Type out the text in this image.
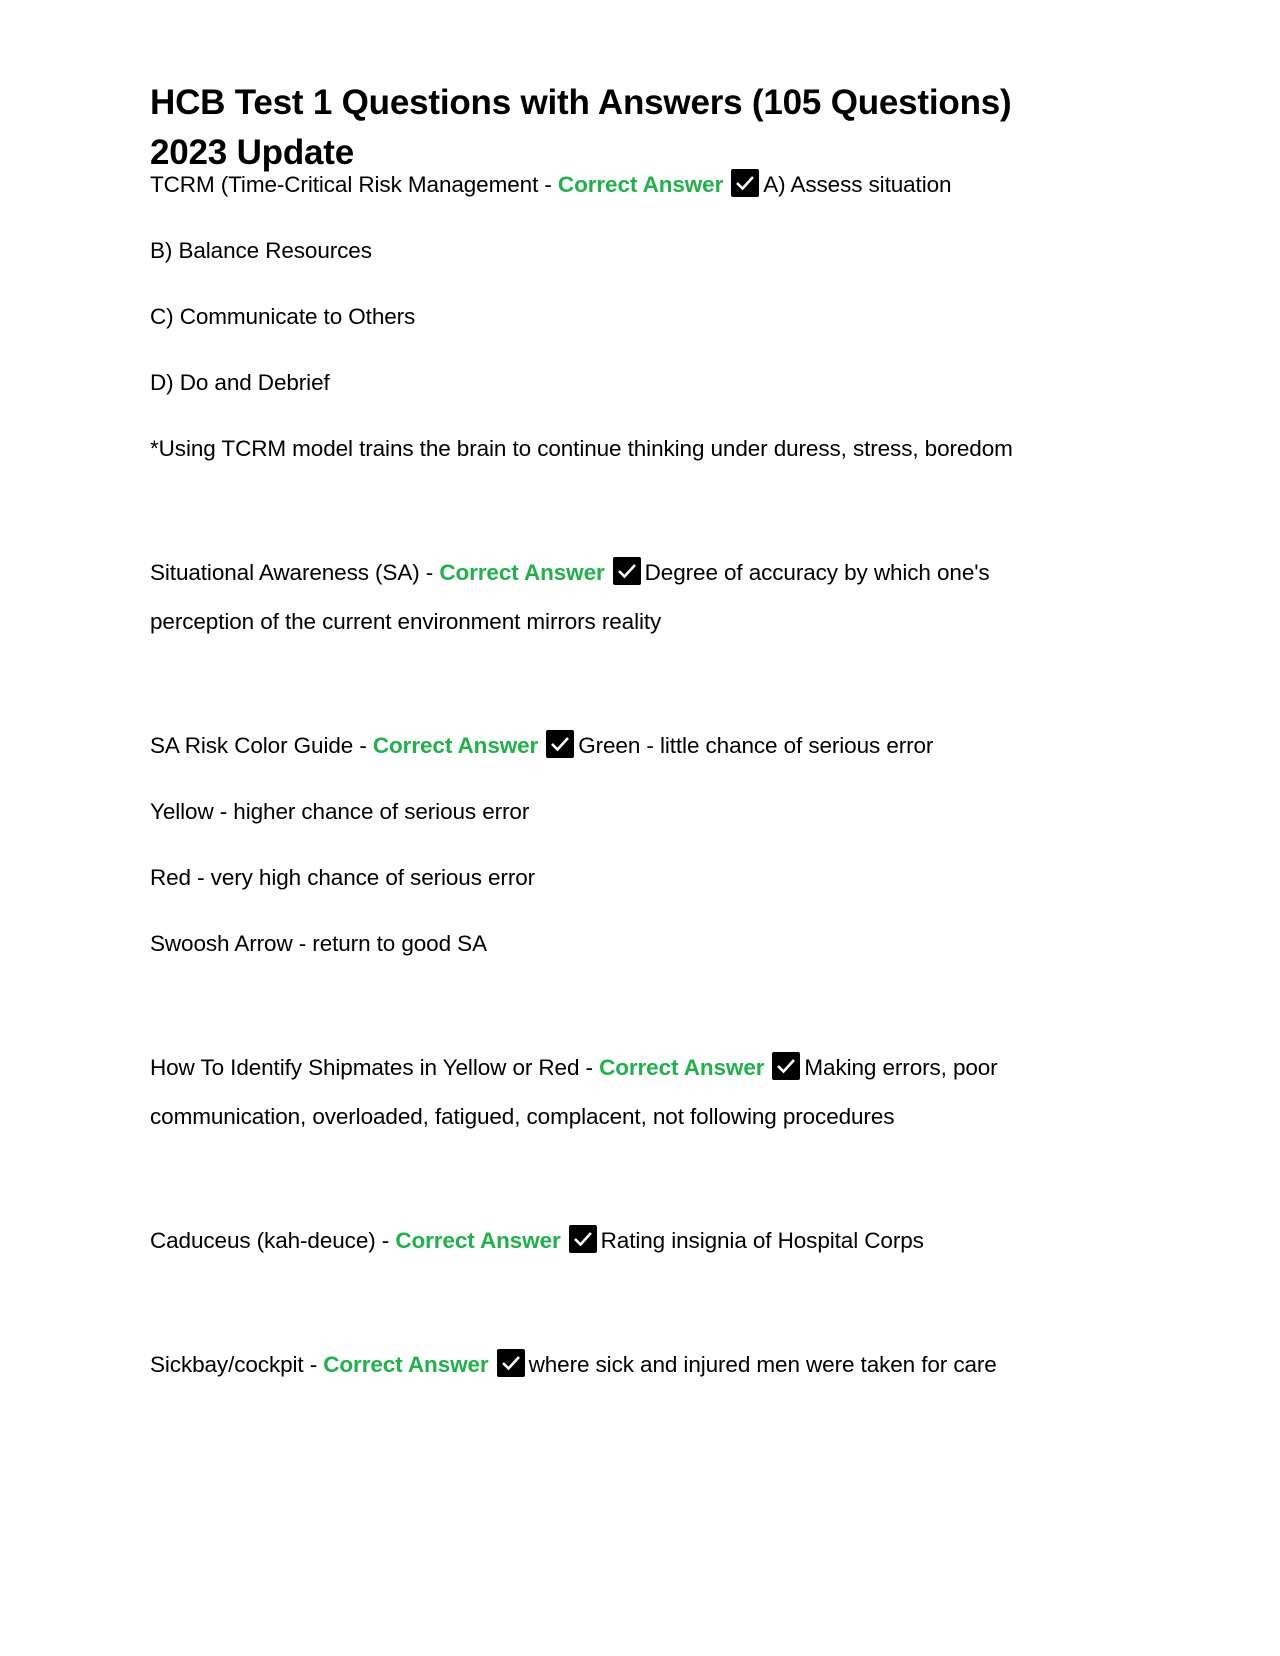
HCB Test 1 Questions with Answers (105 Questions)
2023 Update

TCRM (Time-Critical Risk Management - Correct Answer A) Assess situation

B) Balance Resources

C) Communicate to Others

D) Do and Debrief

*Using TCRM model trains the brain to continue thinking under duress, stress, boredom

Situational Awareness (SA) - Correct Answer Degree of accuracy by which one's perception of the current environment mirrors reality

SA Risk Color Guide - Correct Answer Green - little chance of serious error

Yellow - higher chance of serious error

Red - very high chance of serious error

Swoosh Arrow - return to good SA

How To Identify Shipmates in Yellow or Red - Correct Answer Making errors, poor communication, overloaded, fatigued, complacent, not following procedures

Caduceus (kah-deuce) - Correct Answer Rating insignia of Hospital Corps

Sickbay/cockpit - Correct Answer where sick and injured men were taken for care
